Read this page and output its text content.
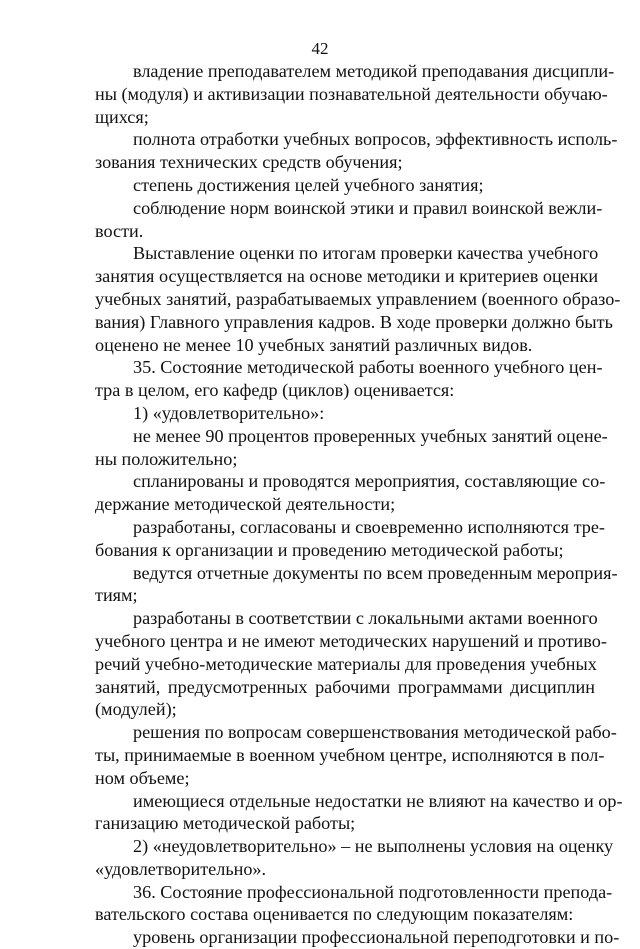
42
владение преподавателем методикой преподавания дисципли-
ны (модуля) и активизации познавательной деятельности обучаю-
щихся;
полнота отработки учебных вопросов, эффективность исполь-
зования технических средств обучения;
степень достижения целей учебного занятия;
соблюдение норм воинской этики и правил воинской вежли-
вости.
Выставление оценки по итогам проверки качества учебного
занятия осуществляется на основе методики и критериев оценки
учебных занятий, разрабатываемых управлением (военного образо-
вания) Главного управления кадров. В ходе проверки должно быть
оценено не менее 10 учебных занятий различных видов.
35. Состояние методической работы военного учебного цен-
тра в целом, его кафедр (циклов) оценивается:
1) «удовлетворительно»:
не менее 90 процентов проверенных учебных занятий оцене-
ны положительно;
спланированы и проводятся мероприятия, составляющие со-
держание методической деятельности;
разработаны, согласованы и своевременно исполняются тре-
бования к организации и проведению методической работы;
ведутся отчетные документы по всем проведенным мероприя-
тиям;
разработаны в соответствии с локальными актами военного
учебного центра и не имеют методических нарушений и противо-
речий учебно-методические материалы для проведения учебных
занятий, предусмотренных рабочими программами дисциплин
(модулей);
решения по вопросам совершенствования методической рабо-
ты, принимаемые в военном учебном центре, исполняются в пол-
ном объеме;
имеющиеся отдельные недостатки не влияют на качество и ор-
ганизацию методической работы;
2) «неудовлетворительно» – не выполнены условия на оценку
«удовлетворительно».
36. Состояние профессиональной подготовленности препода-
вательского состава оценивается по следующим показателям:
уровень организации профессиональной переподготовки и по-
